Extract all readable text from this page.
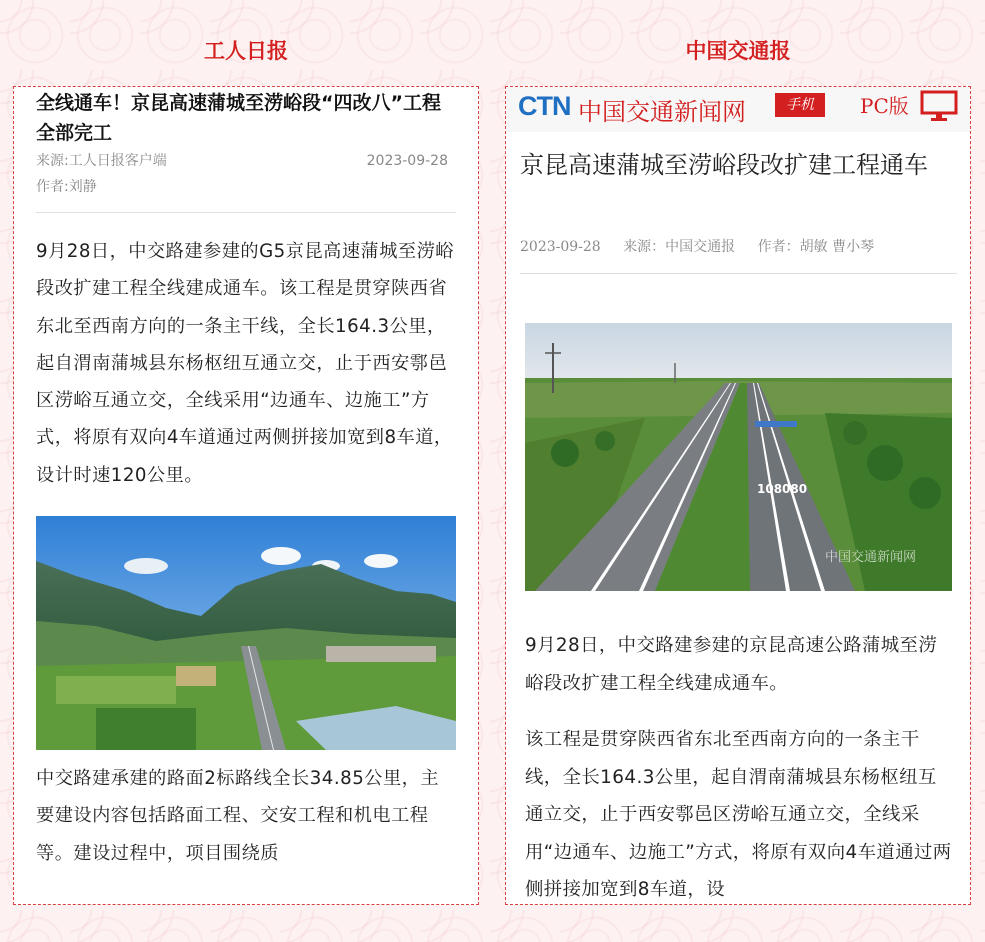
工人日报	中国交通报
全线通车！京昆高速蒲城至涝峪段“四改八”工程全部完工
来源:工人日报客户端	2023-09-28
作者:刘静

9月28日，中交路建参建的G5京昆高速蒲城至涝峪段改扩建工程全线建成通车。该工程是贯穿陕西省东北至西南方向的一条主干线，全长164.3公里，起自渭南蒲城县东杨枢纽互通立交，止于西安鄠邑区涝峪互通立交，全线采用“边通车、边施工”方式，将原有双向4车道通过两侧拼接加宽到8车道，设计时速120公里。

中交路建承建的路面2标路线全长34.85公里，主要建设内容包括路面工程、交安工程和机电工程等。建设过程中，项目围绕质

CTN 中国交通新闻网	手机	PC版
京昆高速蒲城至涝峪段改扩建工程通车
2023-09-28 来源：中国交通报 作者：胡敏 曹小琴
108080
中国交通新闻网

9月28日，中交路建参建的京昆高速公路蒲城至涝峪段改扩建工程全线建成通车。

该工程是贯穿陕西省东北至西南方向的一条主干线，全长164.3公里，起自渭南蒲城县东杨枢纽互通立交，止于西安鄠邑区涝峪互通立交，全线采用“边通车、边施工”方式，将原有双向4车道通过两侧拼接加宽到8车道，设
